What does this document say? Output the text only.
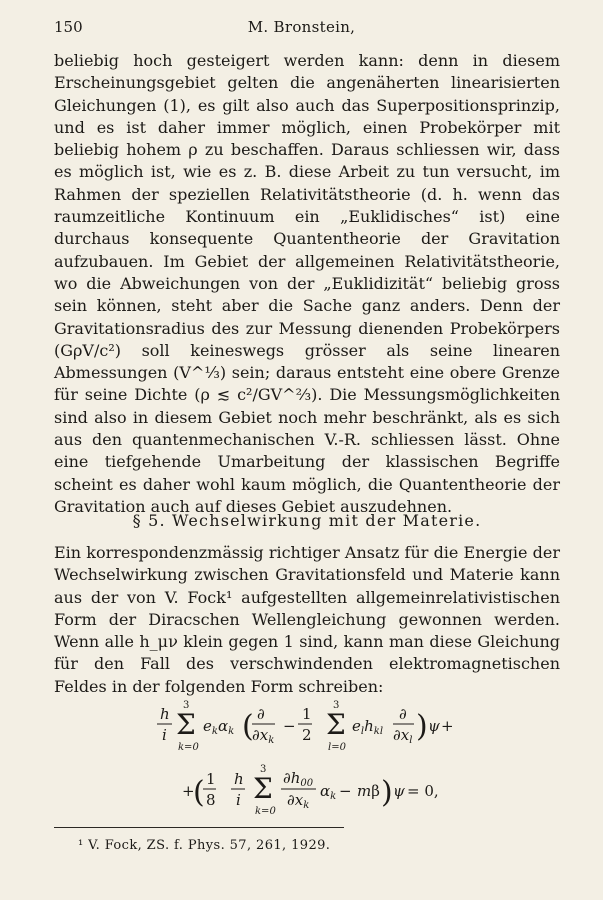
150	M. Bronstein,

beliebig hoch gesteigert werden kann: denn in diesem Erscheinungsgebiet gelten die angenäherten linearisierten Gleichungen (1), es gilt also auch das Superpositionsprinzip, und es ist daher immer möglich, einen Probekörper mit beliebig hohem ρ zu beschaffen. Daraus schliessen wir, dass es möglich ist, wie es z. B. diese Arbeit zu tun versucht, im Rahmen der speziellen Relativitätstheorie (d. h. wenn das raumzeitliche Kontinuum ein „Euklidisches“ ist) eine durchaus konsequente Quantentheorie der Gravitation aufzubauen. Im Gebiet der allgemeinen Relativitätstheorie, wo die Abweichungen von der „Euklidizität“ beliebig gross sein können, steht aber die Sache ganz anders. Denn der Gravitationsradius des zur Messung dienenden Probekörpers (GρV/c²) soll keineswegs grösser als seine linearen Abmessungen (V^⅓) sein; daraus entsteht eine obere Grenze für seine Dichte (ρ ≲ c²/GV^⅔). Die Messungsmöglichkeiten sind also in diesem Gebiet noch mehr beschränkt, als es sich aus den quantenmechanischen V.-R. schliessen lässt. Ohne eine tiefgehende Umarbeitung der klassischen Begriffe scheint es daher wohl kaum möglich, die Quantentheorie der Gravitation auch auf dieses Gebiet auszudehnen.

§ 5. Wechselwirkung mit der Materie.

Ein korrespondenzmässig richtiger Ansatz für die Energie der Wechselwirkung zwischen Gravitationsfeld und Materie kann aus der von V. Fock¹ aufgestellten allgemeinrelativistischen Form der Diracschen Wellengleichung gewonnen werden. Wenn alle h_μν klein gegen 1 sind, kann man diese Gleichung für den Fall des verschwindenden elektromagnetischen Feldes in der folgenden Form schreiben:

h
i
3
Σ
k=0
$e_k\alpha_k$ ( ∂
$\partial x_k$
−
1
2
3
Σ
l=0
$e_lh_{kl}$
∂
$\partial x_l$ ) ψ +
+
( 1
8
h
i
3
Σ
k=0
$\partial h_{00}$
$\partial x_k$
$\alpha_k - m\beta$ ) ψ = 0,
¹ V. Fock, ZS. f. Phys. 57, 261, 1929.
